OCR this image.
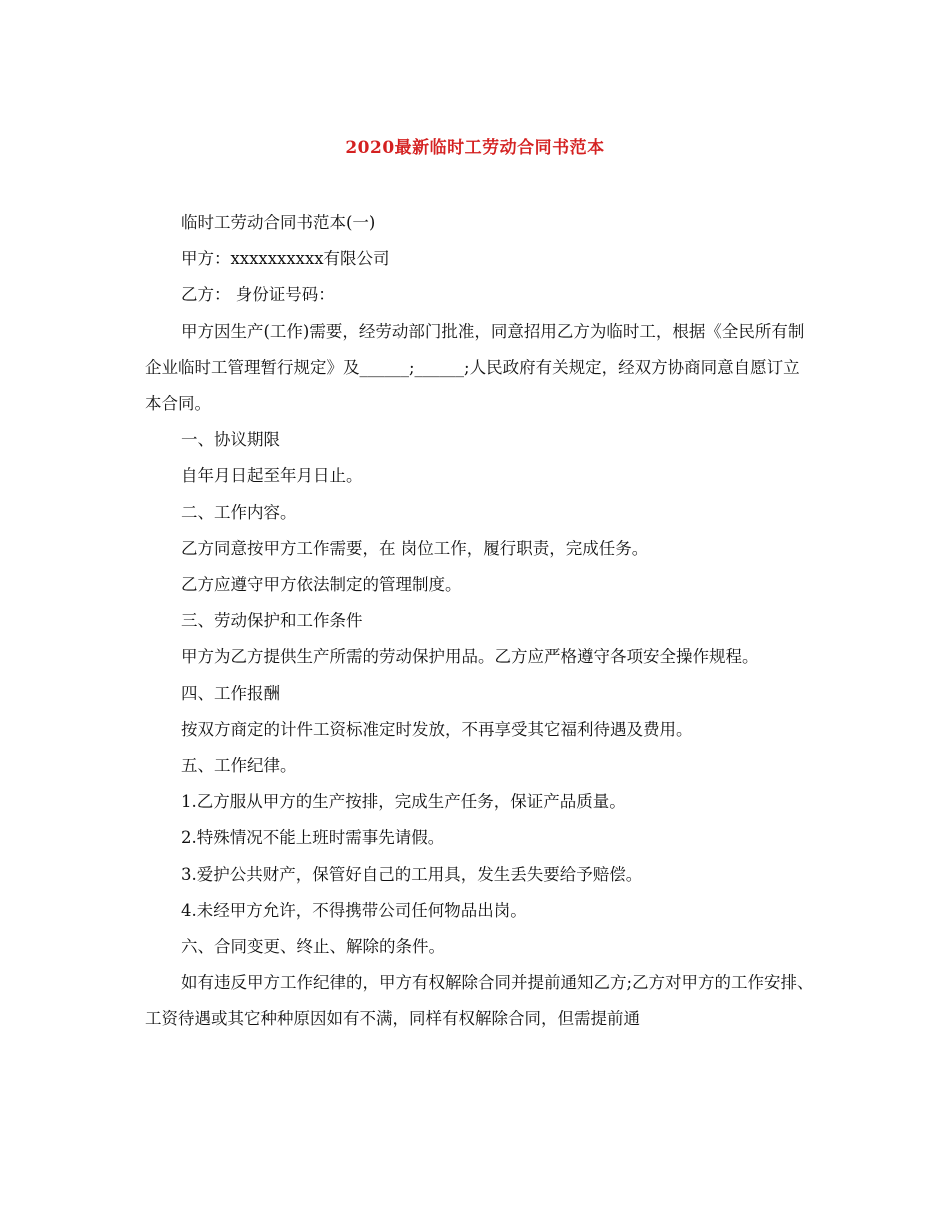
2020最新临时工劳动合同书范本

临时工劳动合同书范本(一)

甲方：xxxxxxxxxx有限公司

乙方： 身份证号码：

甲方因生产(工作)需要，经劳动部门批准，同意招用乙方为临时工，根据《全民所有制企业临时工管理暂行规定》及______;______;人民政府有关规定，经双方协商同意自愿订立本合同。

一、协议期限

自年月日起至年月日止。

二、工作内容。

乙方同意按甲方工作需要，在 岗位工作，履行职责，完成任务。

乙方应遵守甲方依法制定的管理制度。

三、劳动保护和工作条件

甲方为乙方提供生产所需的劳动保护用品。乙方应严格遵守各项安全操作规程。

四、工作报酬

按双方商定的计件工资标准定时发放，不再享受其它福利待遇及费用。

五、工作纪律。

1.乙方服从甲方的生产按排，完成生产任务，保证产品质量。

2.特殊情况不能上班时需事先请假。

3.爱护公共财产，保管好自己的工用具，发生丢失要给予赔偿。

4.未经甲方允许，不得携带公司任何物品出岗。

六、合同变更、终止、解除的条件。

如有违反甲方工作纪律的，甲方有权解除合同并提前通知乙方;乙方对甲方的工作安排、工资待遇或其它种种原因如有不满，同样有权解除合同，但需提前通
